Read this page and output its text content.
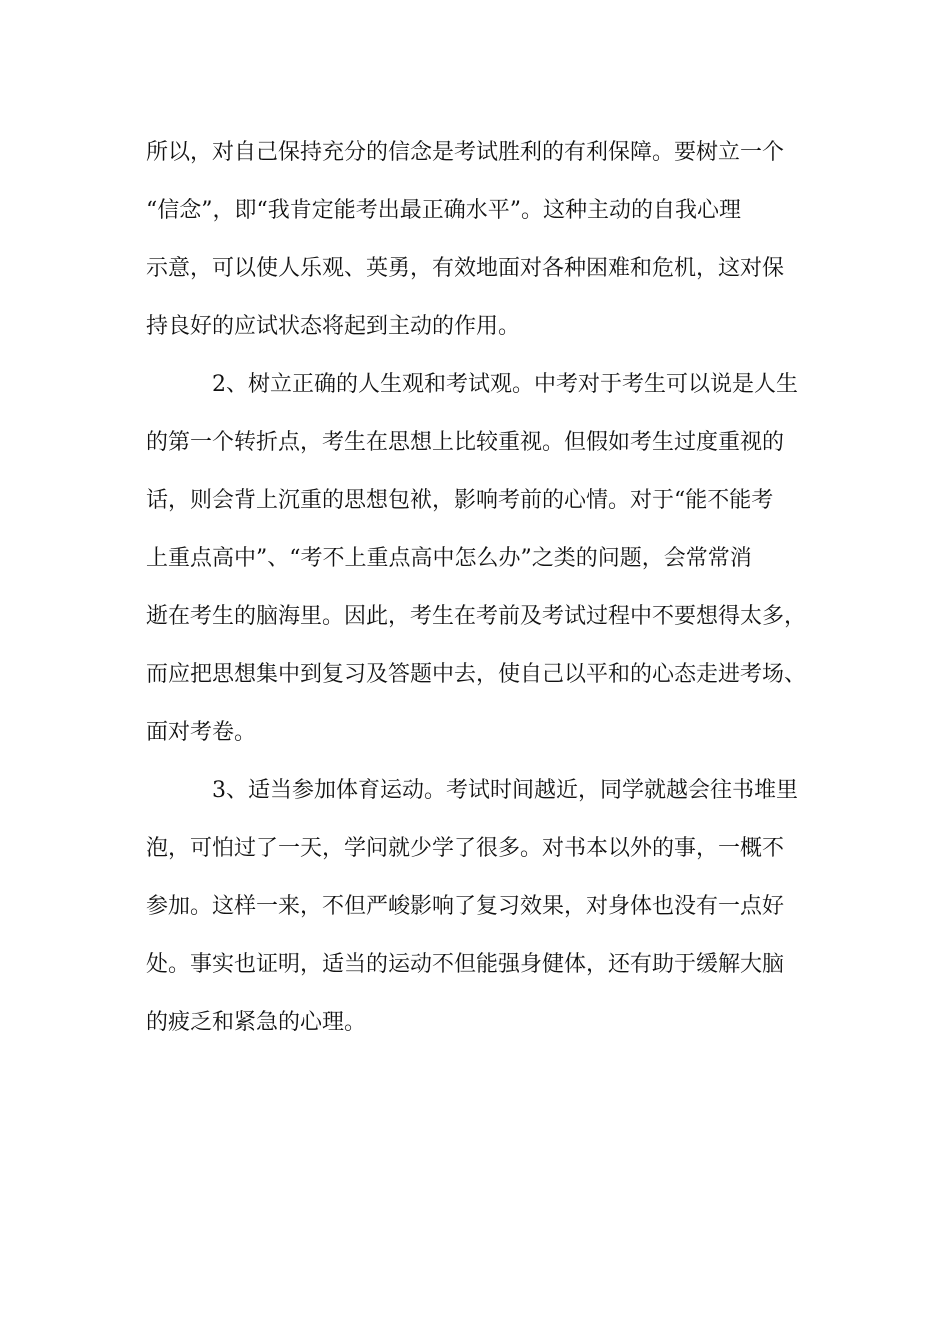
所以，对自己保持充分的信念是考试胜利的有利保障。要树立一个
“信念”，即“我肯定能考出最正确水平”。这种主动的自我心理
示意，可以使人乐观、英勇，有效地面对各种困难和危机，这对保
持良好的应试状态将起到主动的作用。
2、树立正确的人生观和考试观。中考对于考生可以说是人生
的第一个转折点，考生在思想上比较重视。但假如考生过度重视的
话，则会背上沉重的思想包袱，影响考前的心情。对于“能不能考
上重点高中”、“考不上重点高中怎么办”之类的问题，会常常消
逝在考生的脑海里。因此，考生在考前及考试过程中不要想得太多，
而应把思想集中到复习及答题中去，使自己以平和的心态走进考场、
面对考卷。
3、适当参加体育运动。考试时间越近，同学就越会往书堆里
泡，可怕过了一天，学问就少学了很多。对书本以外的事，一概不
参加。这样一来，不但严峻影响了复习效果，对身体也没有一点好
处。事实也证明，适当的运动不但能强身健体，还有助于缓解大脑
的疲乏和紧急的心理。
